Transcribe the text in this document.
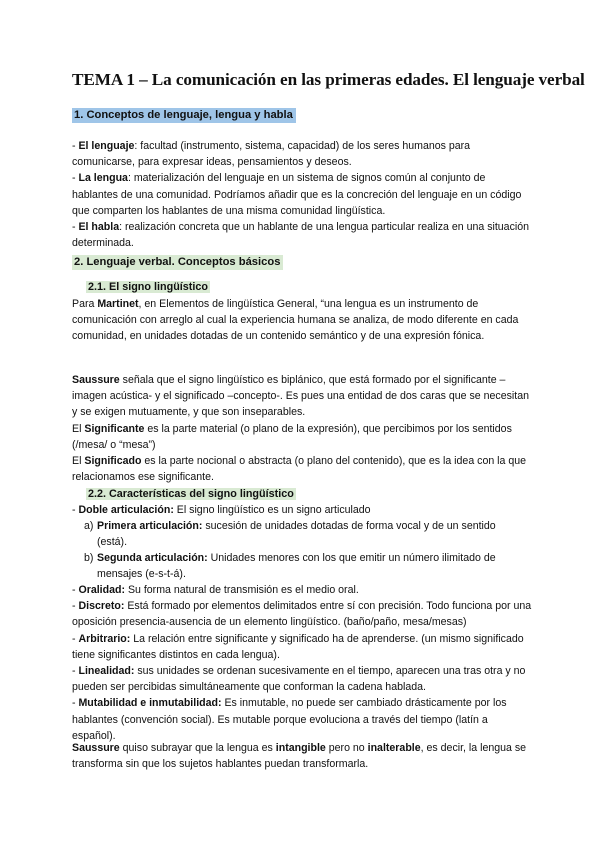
TEMA 1 – La comunicación en las primeras edades. El lenguaje verbal
1. Conceptos de lenguaje, lengua y habla

- El lenguaje: facultad (instrumento, sistema, capacidad) de los seres humanos para comunicarse, para expresar ideas, pensamientos y deseos.

- La lengua: materialización del lenguaje en un sistema de signos común al conjunto de hablantes de una comunidad. Podríamos añadir que es la concreción del lenguaje en un código que comparten los hablantes de una misma comunidad lingüística.

- El habla: realización concreta que un hablante de una lengua particular realiza en una situación determinada.

2. Lenguaje verbal. Conceptos básicos
2.1. El signo lingüístico
Para Martinet, en Elementos de lingüística General, “una lengua es un instrumento de comunicación con arreglo al cual la experiencia humana se analiza, de modo diferente en cada comunidad, en unidades dotadas de un contenido semántico y de una expresión fónica.

Saussure señala que el signo lingüístico es biplánico, que está formado por el significante –imagen acústica- y el significado –concepto-. Es pues una entidad de dos caras que se necesitan y se exigen mutuamente, y que son inseparables.

El Significante es la parte material (o plano de la expresión), que percibimos por los sentidos (/mesa/ o “mesa”)

El Significado es la parte nocional o abstracta (o plano del contenido), que es la idea con la que relacionamos ese significante.

2.2. Características del signo lingüístico
- Doble articulación: El signo lingüístico es un signo articulado
a) Primera articulación: sucesión de unidades dotadas de forma vocal y de un sentido (está).
b) Segunda articulación: Unidades menores con los que emitir un número ilimitado de mensajes (e-s-t-á).

- Oralidad: Su forma natural de transmisión es el medio oral.

- Discreto: Está formado por elementos delimitados entre sí con precisión. Todo funciona por una oposición presencia-ausencia de un elemento lingüístico. (baño/paño, mesa/mesas)

- Arbitrario: La relación entre significante y significado ha de aprenderse. (un mismo significado tiene significantes distintos en cada lengua).

- Linealidad: sus unidades se ordenan sucesivamente en el tiempo, aparecen una tras otra y no pueden ser percibidas simultáneamente que conforman la cadena hablada.

- Mutabilidad e inmutabilidad: Es inmutable, no puede ser cambiado drásticamente por los hablantes (convención social). Es mutable porque evoluciona a través del tiempo (latín a español).

Saussure quiso subrayar que la lengua es intangible pero no inalterable, es decir, la lengua se transforma sin que los sujetos hablantes puedan transformarla.
